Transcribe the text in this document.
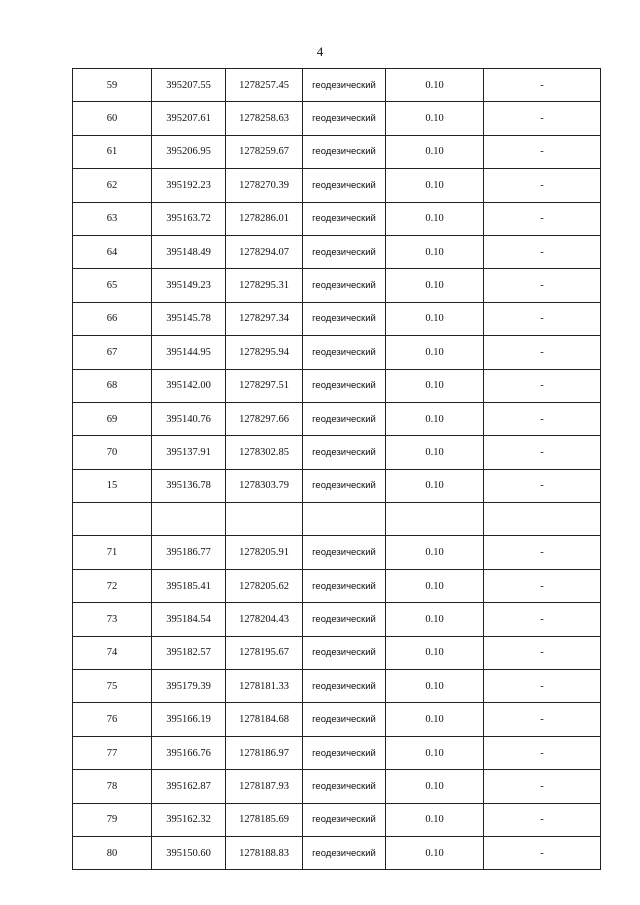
4
59	395207.55	1278257.45	геодезический	0.10	-
60	395207.61	1278258.63	геодезический	0.10	-
61	395206.95	1278259.67	геодезический	0.10	-
62	395192.23	1278270.39	геодезический	0.10	-
63	395163.72	1278286.01	геодезический	0.10	-
64	395148.49	1278294.07	геодезический	0.10	-
65	395149.23	1278295.31	геодезический	0.10	-
66	395145.78	1278297.34	геодезический	0.10	-
67	395144.95	1278295.94	геодезический	0.10	-
68	395142.00	1278297.51	геодезический	0.10	-
69	395140.76	1278297.66	геодезический	0.10	-
70	395137.91	1278302.85	геодезический	0.10	-
15	395136.78	1278303.79	геодезический	0.10	-

71	395186.77	1278205.91	геодезический	0.10	-
72	395185.41	1278205.62	геодезический	0.10	-
73	395184.54	1278204.43	геодезический	0.10	-
74	395182.57	1278195.67	геодезический	0.10	-
75	395179.39	1278181.33	геодезический	0.10	-
76	395166.19	1278184.68	геодезический	0.10	-
77	395166.76	1278186.97	геодезический	0.10	-
78	395162.87	1278187.93	геодезический	0.10	-
79	395162.32	1278185.69	геодезический	0.10	-
80	395150.60	1278188.83	геодезический	0.10	-
